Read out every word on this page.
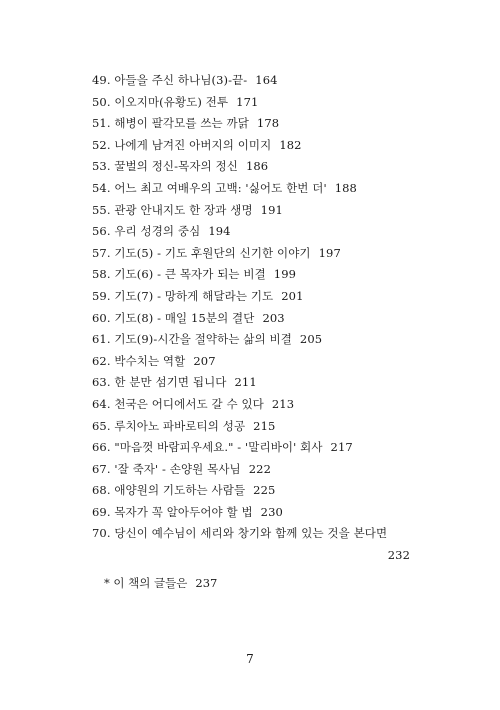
49. 아들을 주신 하나님(3)-끝- 164
50. 이오지마(유황도) 전투 171
51. 해병이 팔각모를 쓰는 까닭 178
52. 나에게 남겨진 아버지의 이미지 182
53. 꿀벌의 정신-목자의 정신 186
54. 어느 최고 여배우의 고백: '싫어도 한번 더' 188
55. 관광 안내지도 한 장과 생명 191
56. 우리 성경의 중심 194
57. 기도(5) - 기도 후원단의 신기한 이야기 197
58. 기도(6) - 큰 목자가 되는 비결 199
59. 기도(7) - 망하게 해달라는 기도 201
60. 기도(8) - 매일 15분의 결단 203
61. 기도(9)-시간을 절약하는 삶의 비결 205
62. 박수치는 역할 207
63. 한 분만 섬기면 됩니다 211
64. 천국은 어디에서도 갈 수 있다 213
65. 루치아노 파바로티의 성공 215
66. "마음껏 바람피우세요." - '말리바이' 회사 217
67. '잘 죽자' - 손양원 목사님 222
68. 애양원의 기도하는 사람들 225
69. 목자가 꼭 알아두어야 할 법 230
70. 당신이 예수님이 세리와 창기와 함께 있는 것을 본다면
232
* 이 책의 글들은 237
7
